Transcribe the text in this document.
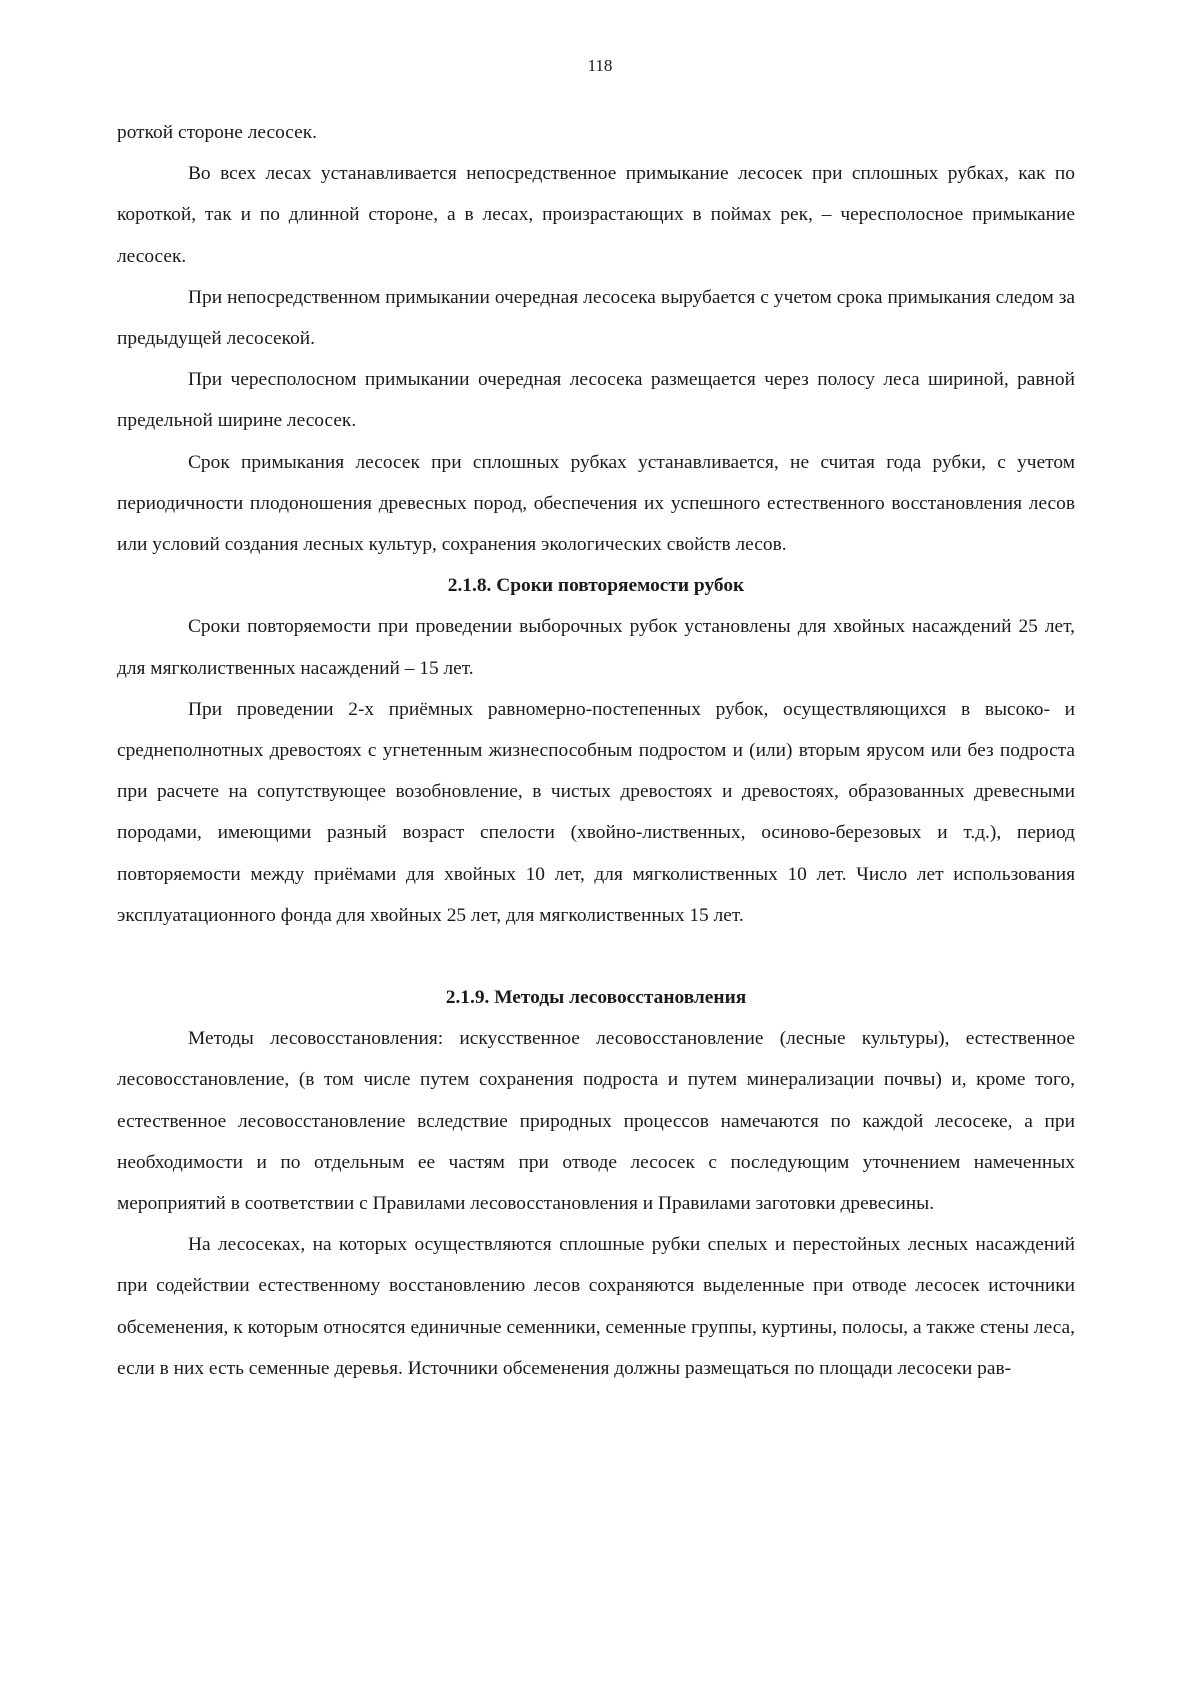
118

роткой стороне лесосек.

Во всех лесах устанавливается непосредственное примыкание лесосек при сплошных рубках, как по короткой, так и по длинной стороне, а в лесах, произрастающих в поймах рек, – чересполосное примыкание лесосек.

При непосредственном примыкании очередная лесосека вырубается с учетом срока примыкания следом за предыдущей лесосекой.

При чересполосном примыкании очередная лесосека размещается через полосу леса шириной, равной предельной ширине лесосек.

Срок примыкания лесосек при сплошных рубках устанавливается, не считая года рубки, с учетом периодичности плодоношения древесных пород, обеспечения их успешного естественного восстановления лесов или условий создания лесных культур, сохранения экологических свойств лесов.

2.1.8. Сроки повторяемости рубок

Сроки повторяемости при проведении выборочных рубок установлены для хвойных насаждений 25 лет, для мягколиственных насаждений – 15 лет.

При проведении 2-х приёмных равномерно-постепенных рубок, осуществляющихся в высоко- и среднеполнотных древостоях с угнетенным жизнеспособным подростом и (или) вторым ярусом или без подроста при расчете на сопутствующее возобновление, в чистых древостоях и древостоях, образованных древесными породами, имеющими разный возраст спелости (хвойно-лиственных, осиново-березовых и т.д.), период повторяемости между приёмами для хвойных 10 лет, для мягколиственных 10 лет. Число лет использования эксплуатационного фонда для хвойных 25 лет, для мягколиственных 15 лет.

2.1.9. Методы лесовосстановления

Методы лесовосстановления: искусственное лесовосстановление (лесные культуры), естественное лесовосстановление, (в том числе путем сохранения подроста и путем минерализации почвы) и, кроме того, естественное лесовосстановление вследствие природных процессов намечаются по каждой лесосеке, а при необходимости и по отдельным ее частям при отводе лесосек с последующим уточнением намеченных мероприятий в соответствии с Правилами лесовосстановления и Правилами заготовки древесины.

На лесосеках, на которых осуществляются сплошные рубки спелых и перестойных лесных насаждений при содействии естественному восстановлению лесов сохраняются выделенные при отводе лесосек источники обсеменения, к которым относятся единичные семенники, семенные группы, куртины, полосы, а также стены леса, если в них есть семенные деревья. Источники обсеменения должны размещаться по площади лесосеки рав-
